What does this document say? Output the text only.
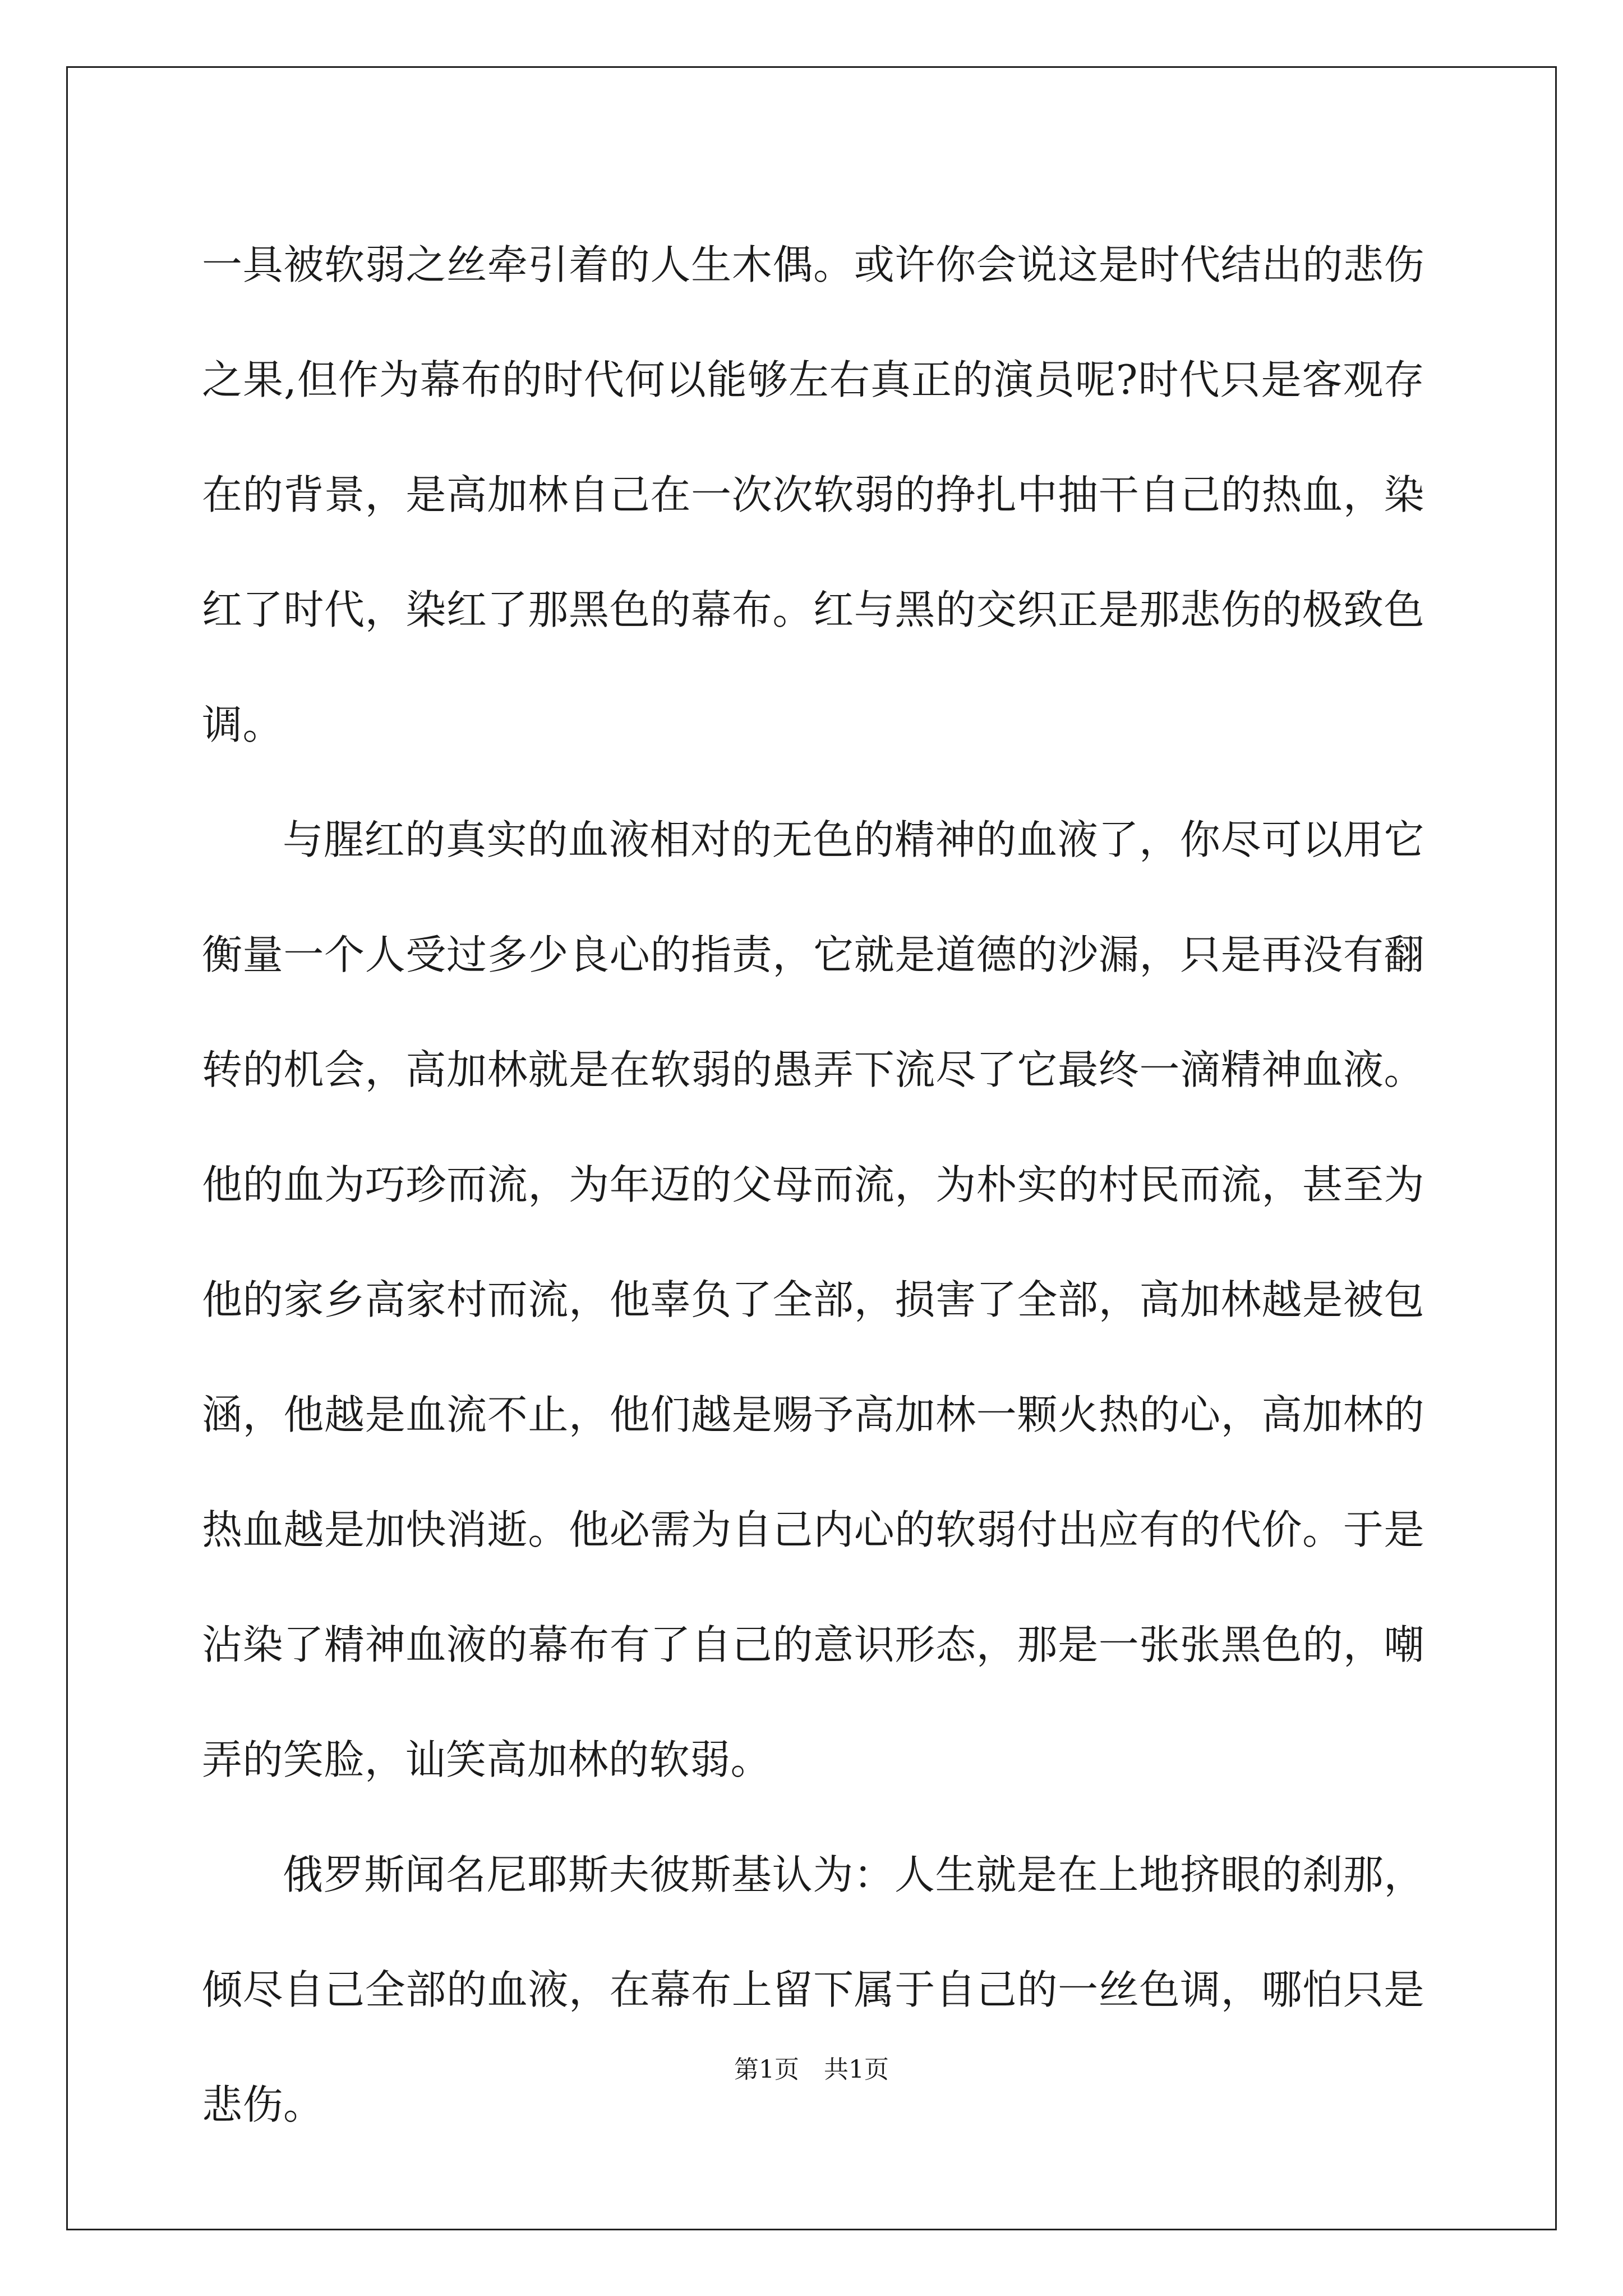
一具被软弱之丝牵引着的人生木偶。或许你会说这是时代结出的悲伤之果,但作为幕布的时代何以能够左右真正的演员呢?时代只是客观存在的背景，是高加林自己在一次次软弱的挣扎中抽干自己的热血，染红了时代，染红了那黑色的幕布。红与黑的交织正是那悲伤的极致色调。

与腥红的真实的血液相对的无色的精神的血液了，你尽可以用它衡量一个人受过多少良心的指责，它就是道德的沙漏，只是再没有翻转的机会，高加林就是在软弱的愚弄下流尽了它最终一滴精神血液。他的血为巧珍而流，为年迈的父母而流，为朴实的村民而流，甚至为他的家乡高家村而流，他辜负了全部，损害了全部，高加林越是被包涵，他越是血流不止，他们越是赐予高加林一颗火热的心，高加林的热血越是加快消逝。他必需为自己内心的软弱付出应有的代价。于是沾染了精神血液的幕布有了自己的意识形态，那是一张张黑色的，嘲弄的笑脸，讪笑高加林的软弱。

俄罗斯闻名尼耶斯夫彼斯基认为：人生就是在上地挤眼的刹那，倾尽自己全部的血液，在幕布上留下属于自己的一丝色调，哪怕只是悲伤。

第1页　共1页
